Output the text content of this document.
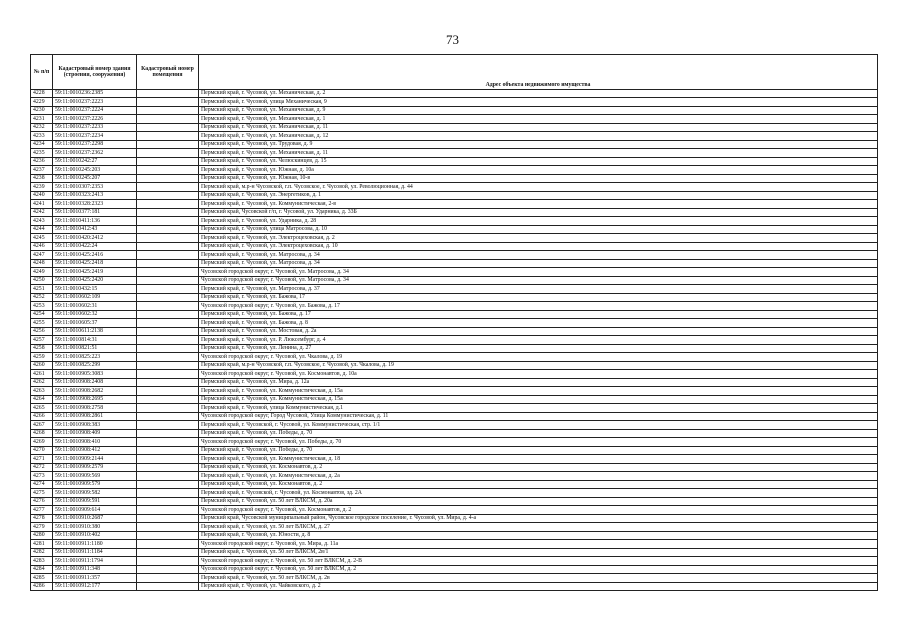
73
№ п/п	Кадастровый номер здания (строения, сооружения)	Кадастровый номер помещения	
			Адрес объекта недвижимого имущества
4228	59:11:0010236:2385		Пермский край, г. Чусовой, ул. Механическая, д. 2
4229	59:11:0010237:2223		Пермский край, г. Чусовой, улица Механическая, 9
4230	59:11:0010237:2224		Пермский край, г. Чусовой, ул. Механическая, д. 9
4231	59:11:0010237:2226		Пермский край, г. Чусовой, ул. Механическая, д. 1
4232	59:11:0010237:2233		Пермский край, г. Чусовой, ул. Механическая, д. 11
4233	59:11:0010237:2234		Пермский край, г. Чусовой, ул. Механическая, д. 12
4234	59:11:0010237:2298		Пермский край, г. Чусовой, ул. Трудовая, д. 9
4235	59:11:0010237:2362		Пермский край, г. Чусовой, ул. Механическая, д. 11
4236	59:11:0010242:27		Пермский край, г. Чусовой, ул. Челюскинцев, д. 15
4237	59:11:0010245:203		Пермский край, г. Чусовой, ул. Южная, д. 10а
4238	59:11:0010245:207		Пермский край, г. Чусовой, ул. Южная, 10-в
4239	59:11:0010307:2353		Пермский край, м.р-н Чусовской, г.п. Чусовское, г. Чусовой, ул. Революционная, д. 44
4240	59:11:0010323:2413		Пермский край, г. Чусовой, ул. Энергетиков, д. 1
4241	59:11:0010328:2323		Пермский край, г. Чусовой, ул. Коммунистическая, 2-в
4242	59:11:0010377:181		Пермский край, Чусовской г/п, г. Чусовой, ул. Ударника, д. 33Б
4243	59:11:0010411:136		Пермский край, г. Чусовой, ул. Ударника, д. 28
4244	59:11:0010412:43		Пермский край, г. Чусовой, улица Матросова, д. 10
4245	59:11:0010420:2412		Пермский край, г. Чусовой, ул. Электроцеховская, д. 2
4246	59:11:0010422:24		Пермский край, г. Чусовой, ул. Электроцеховская, д. 10
4247	59:11:0010425:2416		Пермский край, г. Чусовой, ул. Матросова, д. 34
4248	59:11:0010425:2418		Пермский край, г. Чусовой, ул. Матросова, д. 34
4249	59:11:0010425:2419		Чусовской городской округ, г. Чусовой, ул. Матросова, д. 34
4250	59:11:0010425:2420		Чусовской городской округ, г. Чусовой, ул. Матросова, д. 34
4251	59:11:0010432:15		Пермский край, г. Чусовой, ул. Матросова, д. 37
4252	59:11:0010602:109		Пермский край, г. Чусовой, ул. Бажова, 17
4253	59:11:0010602:31		Чусовской городской округ, г. Чусовой, ул. Бажова, д. 17
4254	59:11:0010602:32		Пермский край, г. Чусовой, ул. Бажова, д. 17
4255	59:11:0010605:37		Пермский край, г. Чусовой, ул. Бажова, д. 8
4256	59:11:0010611:2138		Пермский край, г. Чусовой, ул. Мостовая, д. 2а
4257	59:11:0010814:31		Пермский край, г. Чусовой, ул. Р. Люксембург, д. 4
4258	59:11:0010821:51		Пермский край, г. Чусовой, ул. Ленина, д. 27
4259	59:11:0010825:223		Чусовской городской округ, г. Чусовой, ул. Чкалова, д. 19
4260	59:11:0010825:299		Пермский край, м.р-н Чусовской, г.п. Чусовское, г. Чусовой, ул. Чкалова, д. 19
4261	59:11:0010905:3083		Чусовской городской округ, г. Чусовой, ул. Космонавтов, д. 10а
4262	59:11:0010908:2408		Пермский край, г. Чусовой, ул. Мира, д. 12а
4263	59:11:0010908:2682		Пермский край, г. Чусовой, ул. Коммунистическая, д. 15а
4264	59:11:0010908:2695		Пермский край, г. Чусовой, ул. Коммунистическая, д. 15а
4265	59:11:0010908:2758		Пермский край, г. Чусовой, улица Коммунистическая, д.1
4266	59:11:0010908:2861		Чусовской городской округ, Город Чусовой, Улица Коммунистическая, д. 11
4267	59:11:0010908:383		Пермский край, г. Чусовской, г. Чусовой, ул. Коммунистическая, стр. 1/1
4268	59:11:0010908:409		Пермский край, г. Чусовой, ул. Победы, д. 70
4269	59:11:0010908:410		Чусовской городской округ, г. Чусовой, ул. Победы, д. 70
4270	59:11:0010908:412		Пермский край, г. Чусовой, ул. Победы, д. 70
4271	59:11:0010909:2144		Пермский край, г. Чусовой, ул. Коммунистическая, д. 18
4272	59:11:0010909:2579		Пермский край, г. Чусовой, ул. Космонавтов, д. 2
4273	59:11:0010909:569		Пермский край, г. Чусовой, ул. Коммунистическая, д. 2а
4274	59:11:0010909:579		Пермский край, г. Чусовой, ул. Космонавтов, д. 2
4275	59:11:0010909:582		Пермский край, г. Чусовской, г. Чусовой, ул. Космонавтов, зд. 2А
4276	59:11:0010909:591		Пермский край, г. Чусовой, ул. 50 лет ВЛКСМ, д. 20а
4277	59:11:0010909:614		Чусовской городской округ, г. Чусовой, ул. Космонавтов, д. 2
4278	59:11:0010910:2687		Пермский край, Чусовской муниципальный район, Чусовское городское поселение, г. Чусовой, ул. Мира, д. 4-а
4279	59:11:0010910:380		Пермский край, г. Чусовой, ул. 50 лет ВЛКСМ, д. 27
4280	59:11:0010910:402		Пермский край, г. Чусовой, ул. Юности, д. 8
4281	59:11:0010911:1180		Чусовской городской округ, г. Чусовой, ул. Мира, д. 11а
4282	59:11:0010911:1184		Пермский край, г. Чусовой, ул. 50 лет ВЛКСМ, 2в/1
4283	59:11:0010911:1794		Чусовской городской округ, г. Чусовой, ул. 50 лет ВЛКСМ, д. 2-В
4284	59:11:0010911:348		Чусовской городской округ, г. Чусовой, ул. 50 лет ВЛКСМ, д. 2
4285	59:11:0010911:357		Пермский край, г. Чусовой, ул. 50 лет ВЛКСМ, д. 2в
4286	59:11:0010912:177		Пермский край, г. Чусовой, ул. Чайковского, д. 2
